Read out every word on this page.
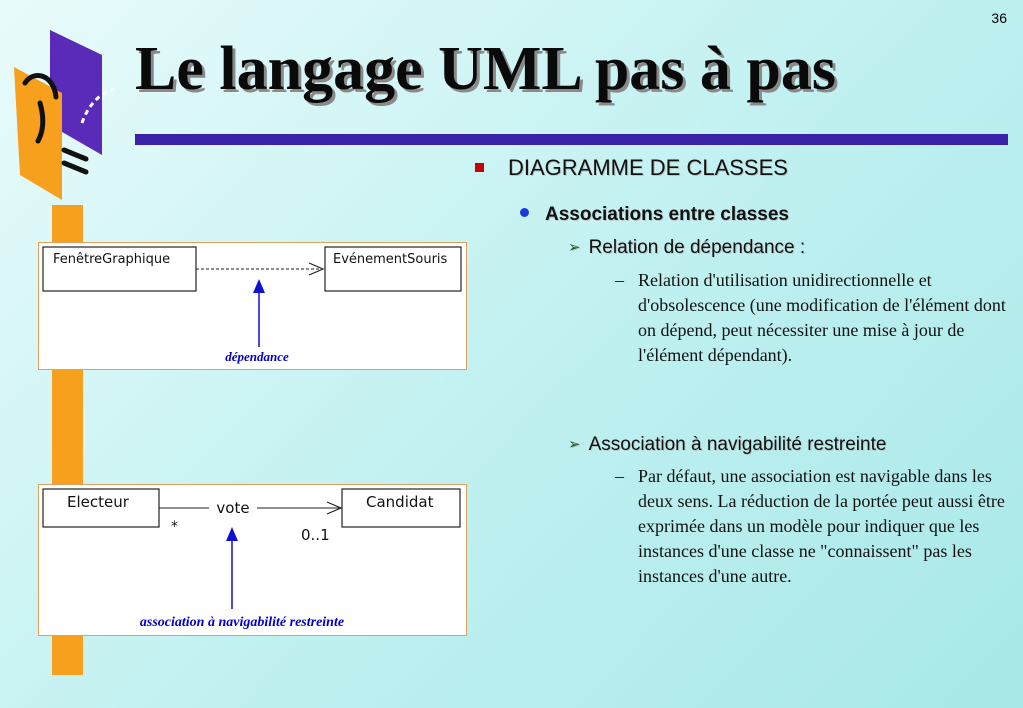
36
Le langage UML pas à pas
DIAGRAMME DE CLASSES
Associations entre classes
➢ Relation de dépendance :

– Relation d'utilisation unidirectionnelle et d'obsolescence (une modification de l'élément dont on dépend, peut nécessiter une mise à jour de l'élément dépendant).

➢ Association à navigabilité restreinte

– Par défaut, une association est navigable dans les deux sens. La réduction de la portée peut aussi être exprimée dans un modèle pour indiquer que les instances d'une classe ne "connaissent" pas les instances d'une autre.

FenêtreGraphique	EvénementSouris
dépendance
Electeur	Candidat
vote
*	0..1
association à navigabilité restreinte
